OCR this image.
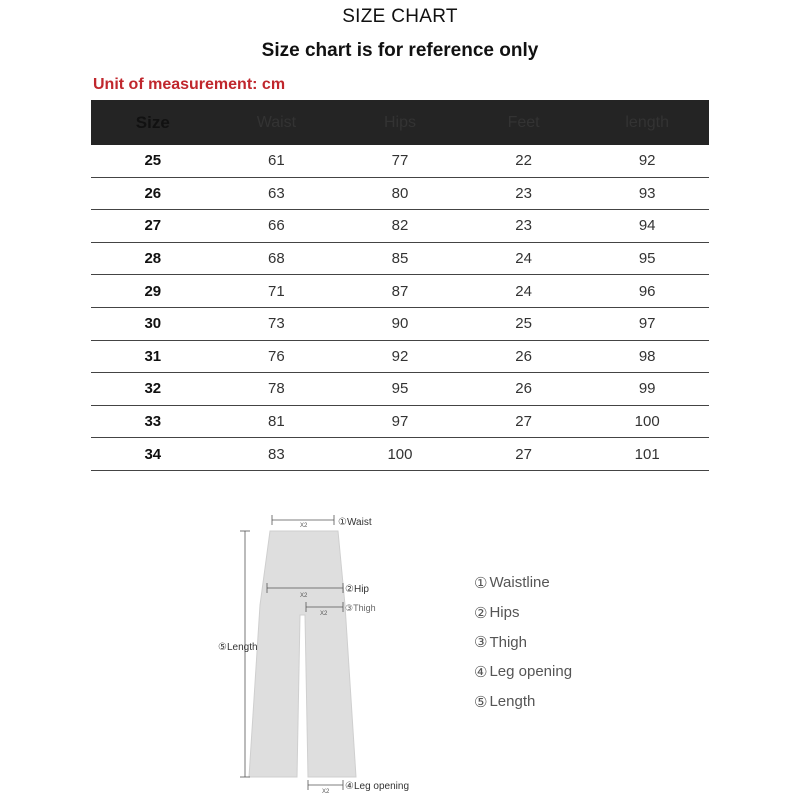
SIZE CHART
Size chart is for reference only
Unit of measurement: cm
Size	Waist	Hips	Feet	length
25	61	77	22	92
26	63	80	23	93
27	66	82	23	94
28	68	85	24	95
29	71	87	24	96
30	73	90	25	97
31	76	92	26	98
32	78	95	26	99
33	81	97	27	100
34	83	100	27	101
X2
X2
X2
X2
①Waist
②Hip
③Thigh
⑤Length
④Leg opening
① Waistline
② Hips
③ Thigh
④ Leg opening
⑤ Length
